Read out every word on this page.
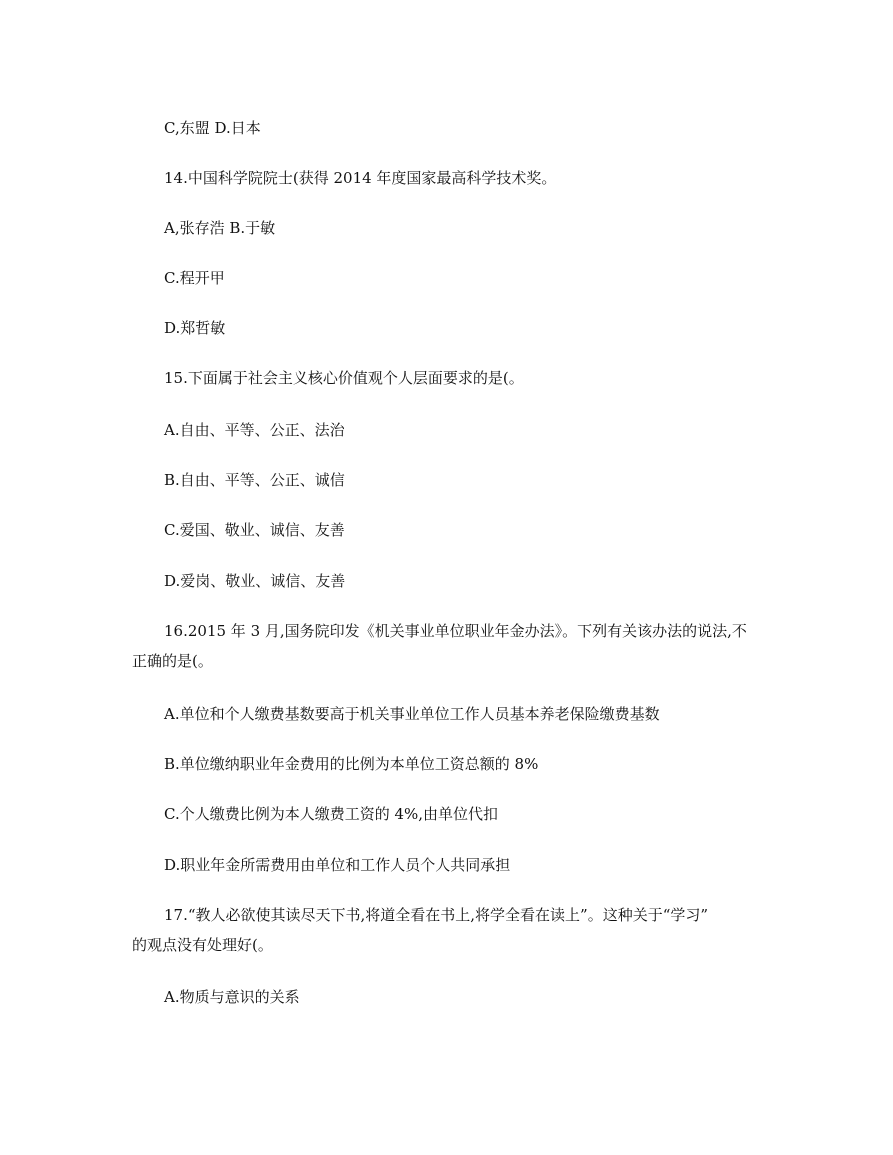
C,东盟 D.日本

14.中国科学院院士(获得 2014 年度国家最高科学技术奖。

A,张存浩 B.于敏

C.程开甲

D.郑哲敏

15.下面属于社会主义核心价值观个人层面要求的是(。

A.自由、平等、公正、法治

B.自由、平等、公正、诚信

C.爱国、敬业、诚信、友善

D.爱岗、敬业、诚信、友善

16.2015 年 3 月,国务院印发《机关事业单位职业年金办法》。下列有关该办法的说法,不

正确的是(。

A.单位和个人缴费基数要高于机关事业单位工作人员基本养老保险缴费基数

B.单位缴纳职业年金费用的比例为本单位工资总额的 8%

C.个人缴费比例为本人缴费工资的 4%,由单位代扣

D.职业年金所需费用由单位和工作人员个人共同承担

17.“教人必欲使其读尽天下书,将道全看在书上,将学全看在读上”。这种关于“学习”

的观点没有处理好(。

A.物质与意识的关系
